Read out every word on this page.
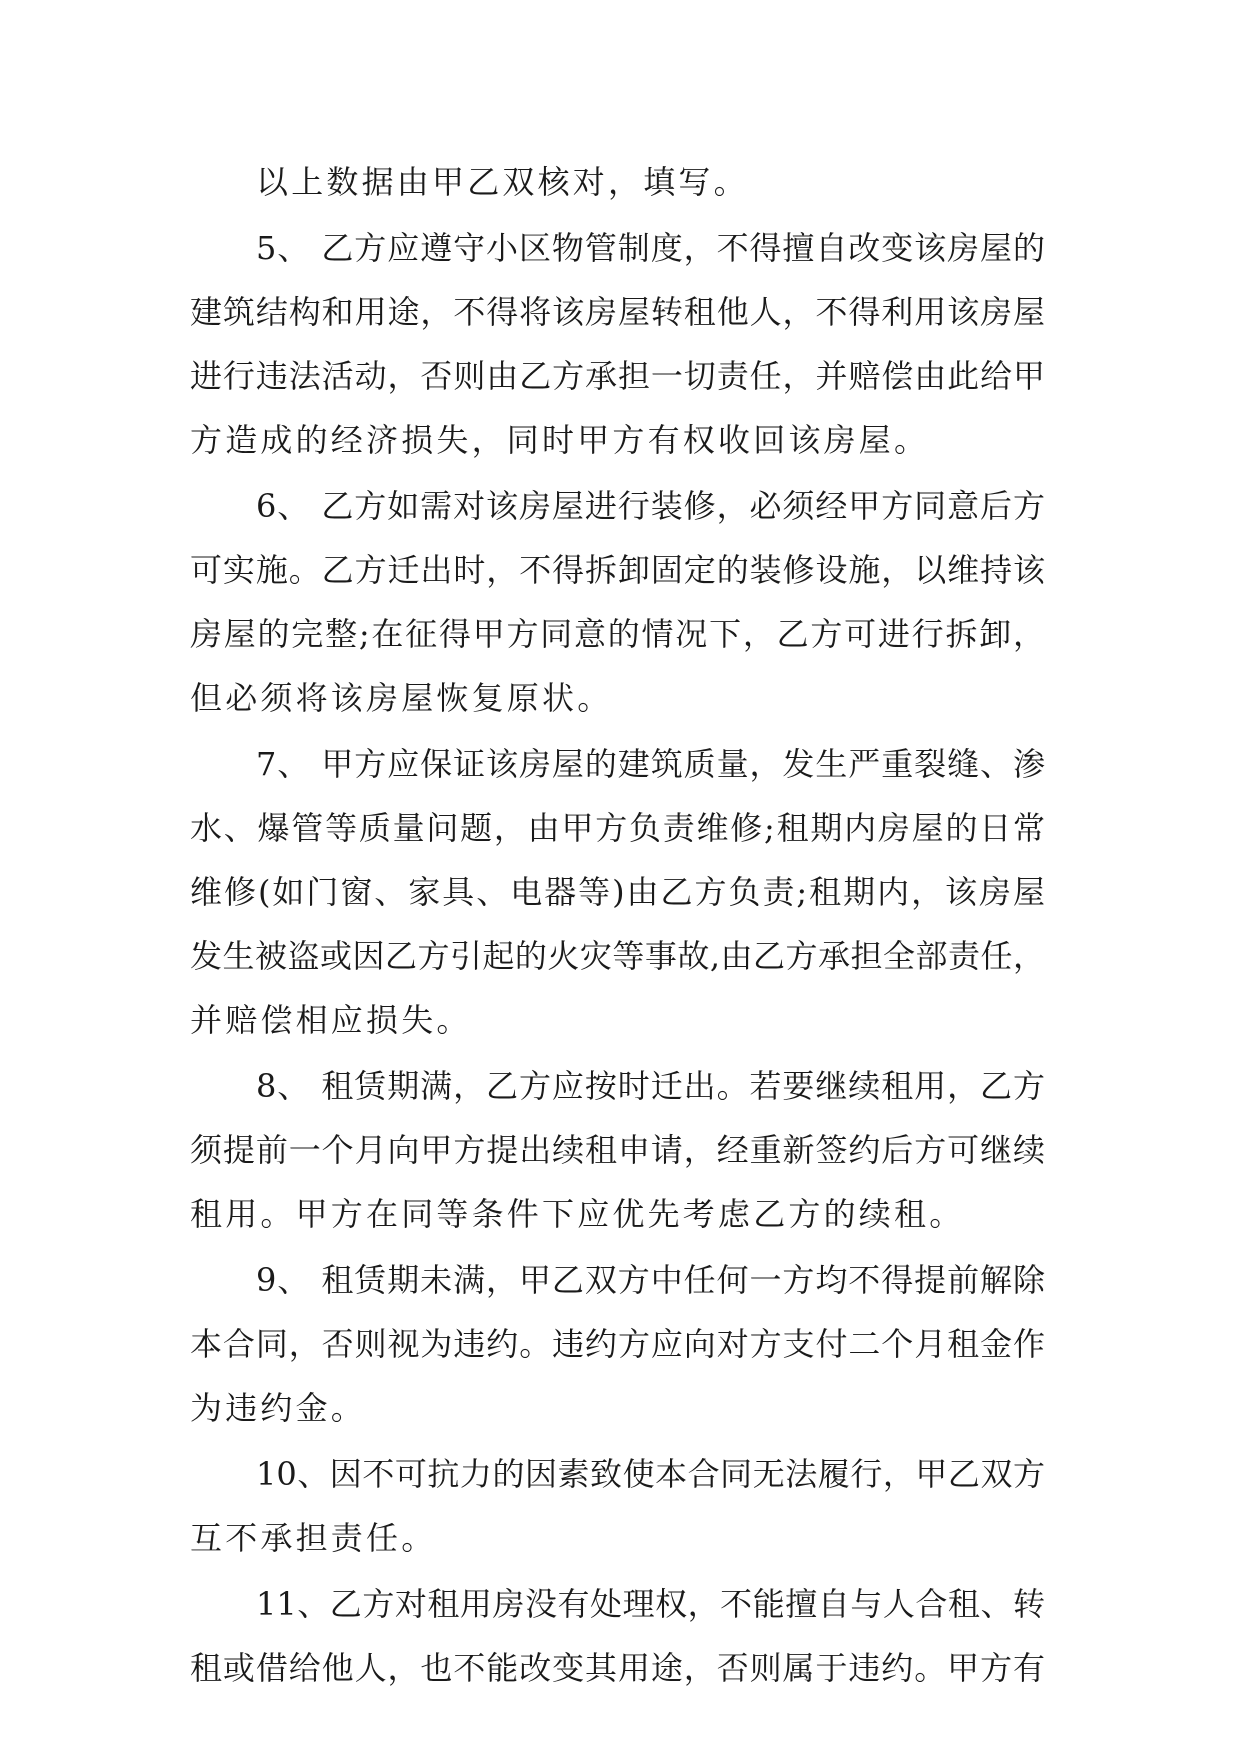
以上数据由甲乙双核对，填写。
5、 乙方应遵守小区物管制度，不得擅自改变该房屋的
建筑结构和用途，不得将该房屋转租他人，不得利用该房屋
进行违法活动，否则由乙方承担一切责任，并赔偿由此给甲
方造成的经济损失，同时甲方有权收回该房屋。
6、 乙方如需对该房屋进行装修，必须经甲方同意后方
可实施。乙方迁出时，不得拆卸固定的装修设施，以维持该
房屋的完整;在征得甲方同意的情况下，乙方可进行拆卸，
但必须将该房屋恢复原状。
7、 甲方应保证该房屋的建筑质量，发生严重裂缝、渗
水、爆管等质量问题，由甲方负责维修;租期内房屋的日常
维修(如门窗、家具、电器等)由乙方负责;租期内，该房屋
发生被盗或因乙方引起的火灾等事故,由乙方承担全部责任，
并赔偿相应损失。
8、 租赁期满，乙方应按时迁出。若要继续租用，乙方
须提前一个月向甲方提出续租申请，经重新签约后方可继续
租用。甲方在同等条件下应优先考虑乙方的续租。
9、 租赁期未满，甲乙双方中任何一方均不得提前解除
本合同，否则视为违约。违约方应向对方支付二个月租金作
为违约金。
10、因不可抗力的因素致使本合同无法履行，甲乙双方
互不承担责任。
11、乙方对租用房没有处理权，不能擅自与人合租、转
租或借给他人，也不能改变其用途，否则属于违约。甲方有
